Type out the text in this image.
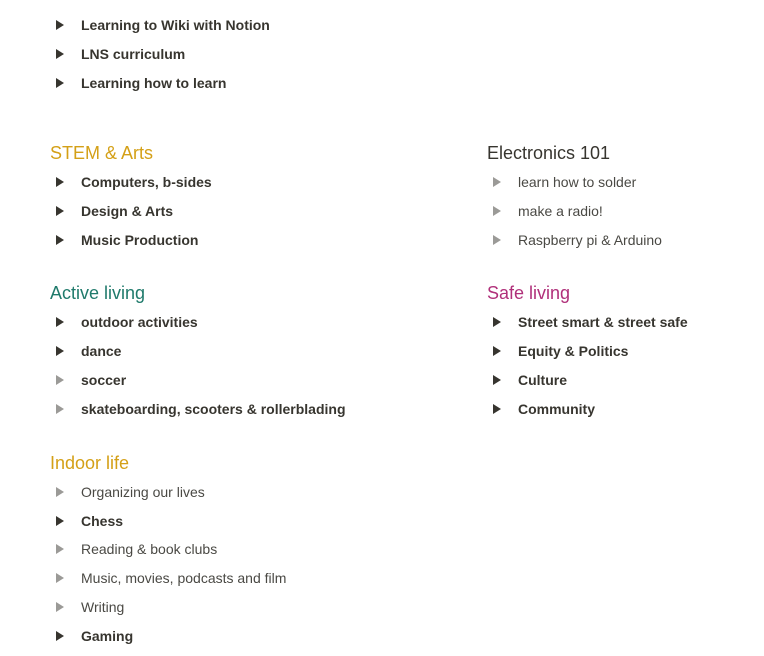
Learning to Wiki with Notion
LNS curriculum
Learning how to learn
STEM & Arts
Computers, b-sides
Design & Arts
Music Production
Electronics 101
learn how to solder
make a radio!
Raspberry pi & Arduino
Active living
outdoor activities
dance
soccer
skateboarding, scooters & rollerblading
Safe living
Street smart & street safe
Equity & Politics
Culture
Community
Indoor life
Organizing our lives
Chess
Reading & book clubs
Music, movies, podcasts and film
Writing
Gaming
